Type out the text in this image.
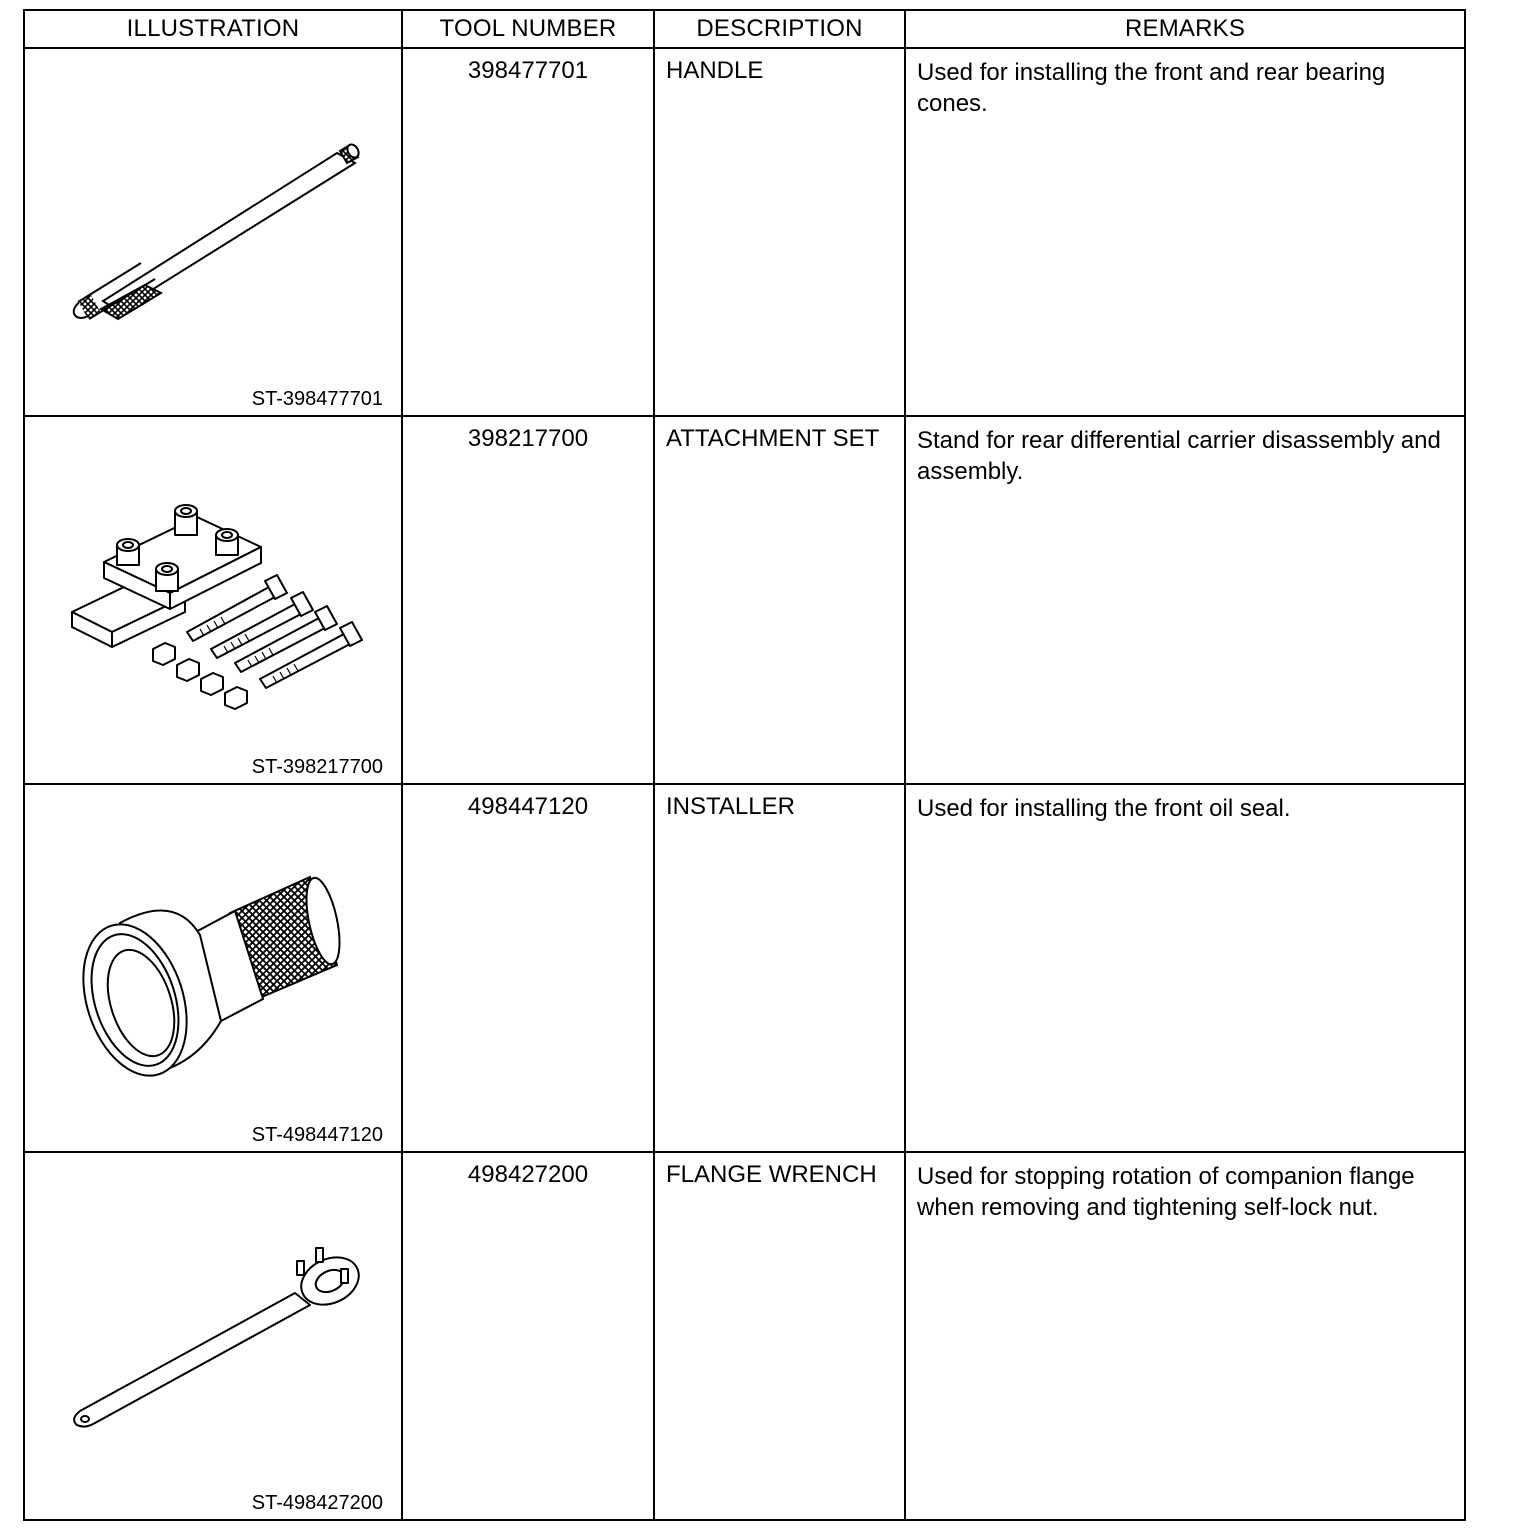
ILLUSTRATION	TOOL NUMBER	DESCRIPTION	REMARKS

ST-398477701	398477701	HANDLE	Used for installing the front and rear bearing cones.

ST-398217700	398217700	ATTACHMENT SET	Stand for rear differential carrier disassembly and assembly.

ST-498447120	498447120	INSTALLER	Used for installing the front oil seal.

ST-498427200	498427200	FLANGE WRENCH	Used for stopping rotation of companion flange when removing and tightening self-lock nut.
